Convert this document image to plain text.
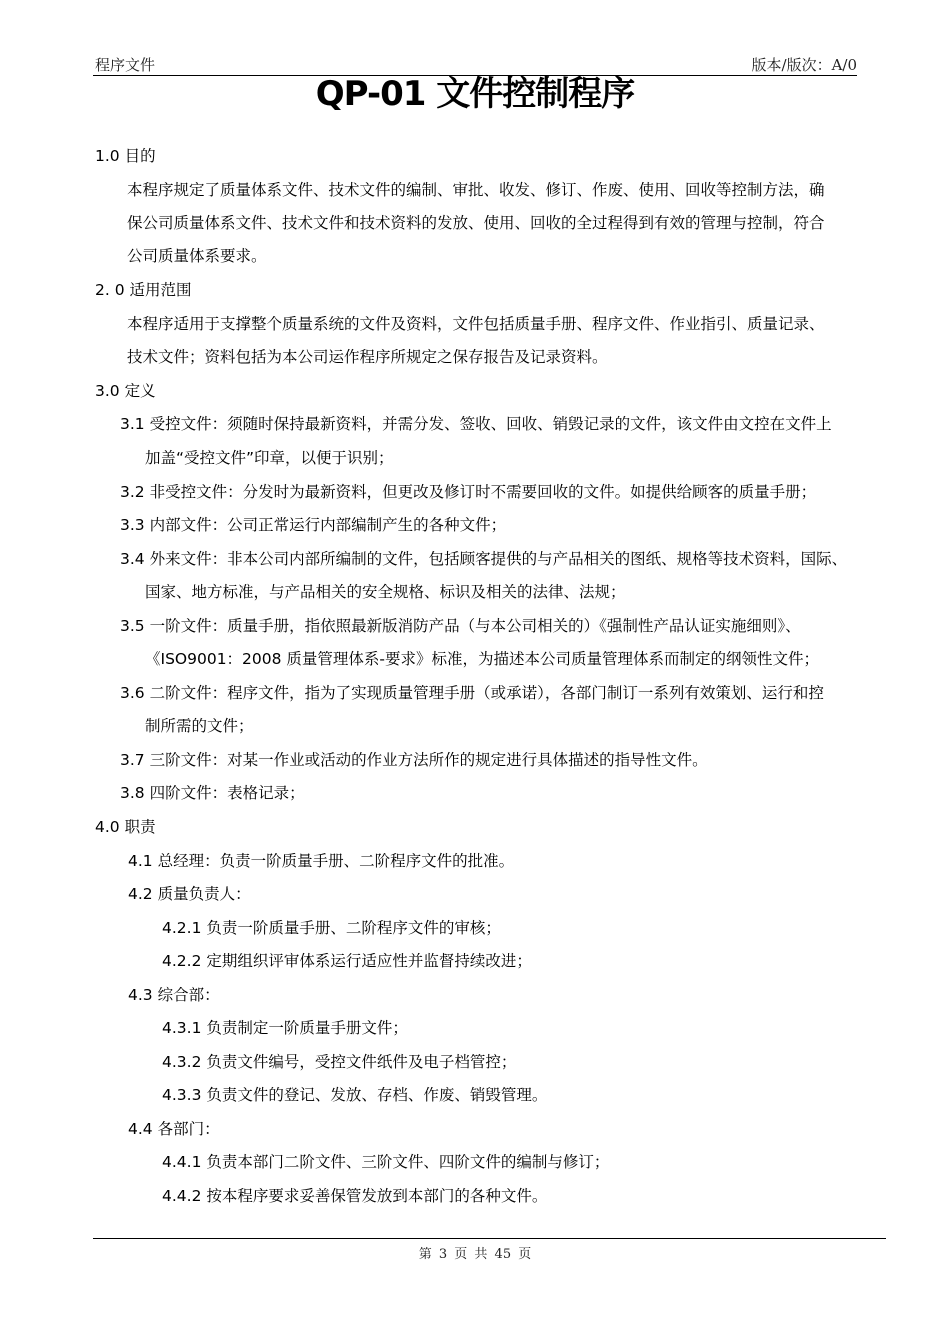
程序文件	版本/版次：A/0
QP-01 文件控制程序
1.0 目的
本程序规定了质量体系文件、技术文件的编制、审批、收发、修订、作废、使用、回收等控制方法，确
保公司质量体系文件、技术文件和技术资料的发放、使用、回收的全过程得到有效的管理与控制，符合
公司质量体系要求。
2. 0 适用范围
本程序适用于支撑整个质量系统的文件及资料，文件包括质量手册、程序文件、作业指引、质量记录、
技术文件；资料包括为本公司运作程序所规定之保存报告及记录资料。
3.0 定义
3.1 受控文件：须随时保持最新资料，并需分发、签收、回收、销毁记录的文件，该文件由文控在文件上
加盖“受控文件”印章，以便于识别；
3.2 非受控文件：分发时为最新资料，但更改及修订时不需要回收的文件。如提供给顾客的质量手册；
3.3 内部文件：公司正常运行内部编制产生的各种文件；
3.4 外来文件：非本公司内部所编制的文件，包括顾客提供的与产品相关的图纸、规格等技术资料，国际、
国家、地方标准，与产品相关的安全规格、标识及相关的法律、法规；
3.5 一阶文件：质量手册，指依照最新版消防产品（与本公司相关的）《强制性产品认证实施细则》、
《ISO9001：2008 质量管理体系-要求》标准，为描述本公司质量管理体系而制定的纲领性文件；
3.6 二阶文件：程序文件，指为了实现质量管理手册（或承诺），各部门制订一系列有效策划、运行和控
制所需的文件；
3.7 三阶文件：对某一作业或活动的作业方法所作的规定进行具体描述的指导性文件。
3.8 四阶文件：表格记录；
4.0 职责
4.1 总经理：负责一阶质量手册、二阶程序文件的批准。
4.2 质量负责人：
4.2.1 负责一阶质量手册、二阶程序文件的审核；
4.2.2 定期组织评审体系运行适应性并监督持续改进；
4.3 综合部：
4.3.1 负责制定一阶质量手册文件；
4.3.2 负责文件编号，受控文件纸件及电子档管控；
4.3.3 负责文件的登记、发放、存档、作废、销毁管理。
4.4 各部门：
4.4.1 负责本部门二阶文件、三阶文件、四阶文件的编制与修订；
4.4.2 按本程序要求妥善保管发放到本部门的各种文件。
第 3 页 共 45 页
